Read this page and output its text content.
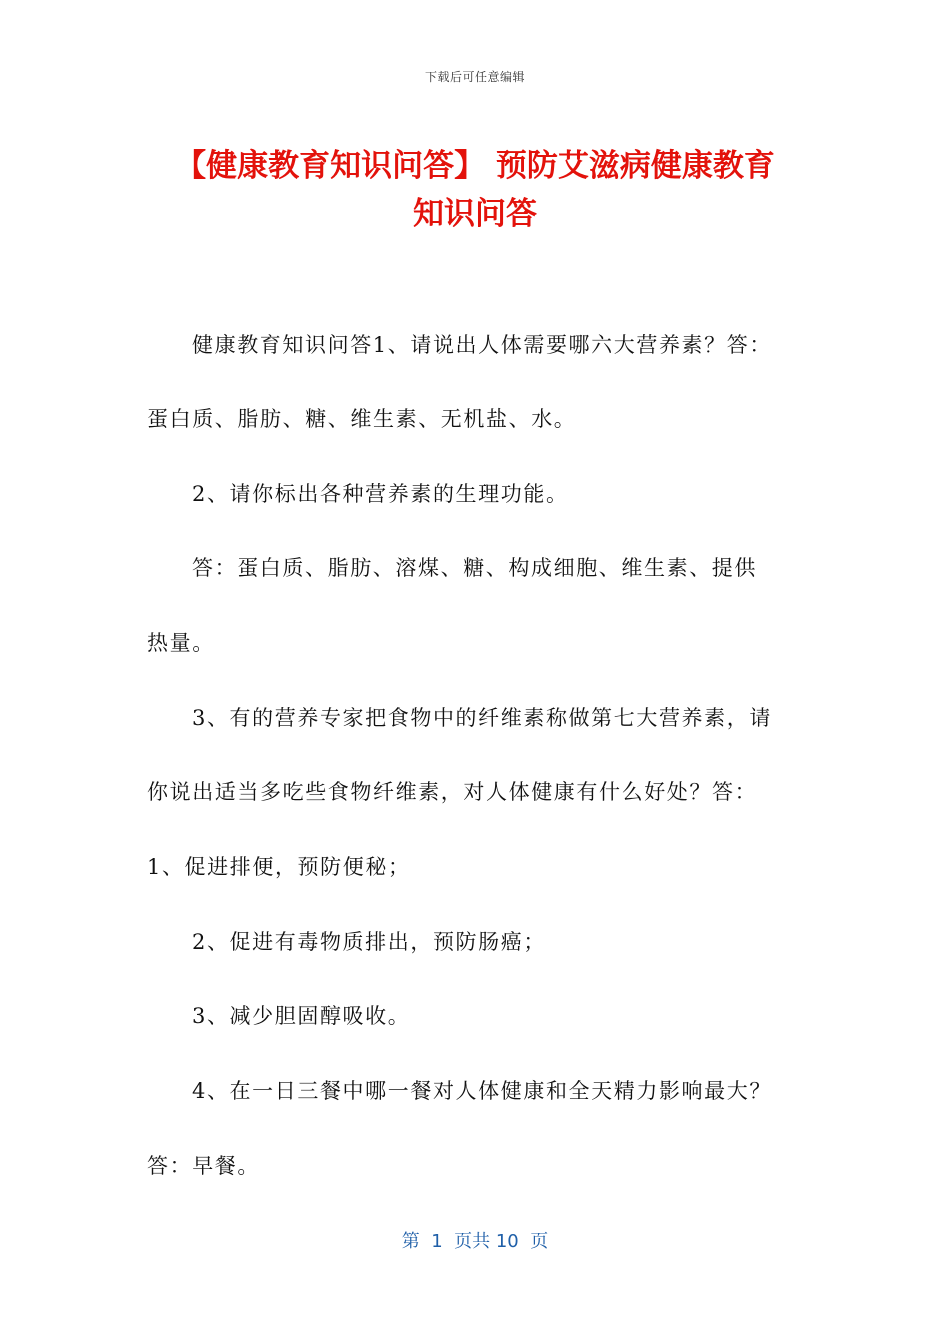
下载后可任意编辑
【健康教育知识问答】 预防艾滋病健康教育
知识问答
健康教育知识问答1、请说出人体需要哪六大营养素？答：
蛋白质、脂肪、糖、维生素、无机盐、水。
2、请你标出各种营养素的生理功能。
答：蛋白质、脂肪、溶煤、糖、构成细胞、维生素、提供
热量。
3、有的营养专家把食物中的纤维素称做第七大营养素，请
你说出适当多吃些食物纤维素，对人体健康有什么好处？答：
1、促进排便，预防便秘；
2、促进有毒物质排出，预防肠癌；
3、减少胆固醇吸收。
4、在一日三餐中哪一餐对人体健康和全天精力影响最大？
答：早餐。
第  1  页共 10  页
